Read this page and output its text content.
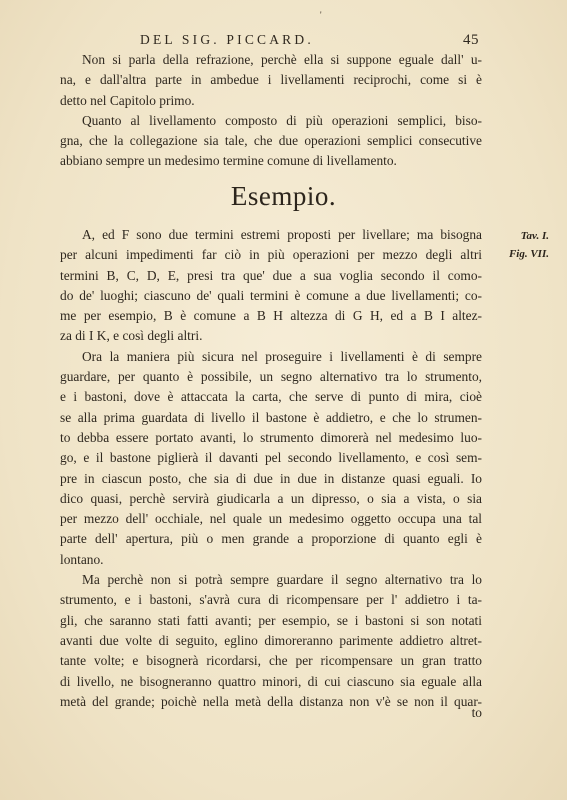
'
DEL SIG. PICCARD.	45
Non si parla della refrazione, perchè ella si suppone eguale dall' u-
na, e dall'altra parte in ambedue i livellamenti reciprochi, come si è
detto nel Capitolo primo.
Quanto al livellamento composto di più operazioni semplici, biso-
gna, che la collegazione sia tale, che due operazioni semplici consecutive
abbiano sempre un medesimo termine comune di livellamento.
Esempio.
Tav. I.
Fig. VII.
A, ed F sono due termini estremi proposti per livellare; ma bisogna
per alcuni impedimenti far ciò in più operazioni per mezzo degli altri
termini B, C, D, E, presi tra que' due a sua voglia secondo il como-
do de' luoghi; ciascuno de' quali termini è comune a due livellamenti; co-
me per esempio, B è comune a B H altezza di G H, ed a B I altez-
za di I K, e così degli altri.
Ora la maniera più sicura nel proseguire i livellamenti è di sempre
guardare, per quanto è possibile, un segno alternativo tra lo strumento,
e i bastoni, dove è attaccata la carta, che serve di punto di mira, cioè
se alla prima guardata di livello il bastone è addietro, e che lo strumen-
to debba essere portato avanti, lo strumento dimorerà nel medesimo luo-
go, e il bastone piglierà il davanti pel secondo livellamento, e così sem-
pre in ciascun posto, che sia di due in due in distanze quasi eguali. Io
dico quasi, perchè servirà giudicarla a un dipresso, o sia a vista, o sia
per mezzo dell' occhiale, nel quale un medesimo oggetto occupa una tal
parte dell' apertura, più o men grande a proporzione di quanto egli è
lontano.
Ma perchè non si potrà sempre guardare il segno alternativo tra lo
strumento, e i bastoni, s'avrà cura di ricompensare per l' addietro i ta-
gli, che saranno stati fatti avanti; per esempio, se i bastoni si son notati
avanti due volte di seguito, eglino dimoreranno parimente addietro altret-
tante volte; e bisognerà ricordarsi, che per ricompensare un gran tratto
di livello, ne bisogneranno quattro minori, di cui ciascuno sia eguale alla
metà del grande; poichè nella metà della distanza non v'è se non il quar-
to
